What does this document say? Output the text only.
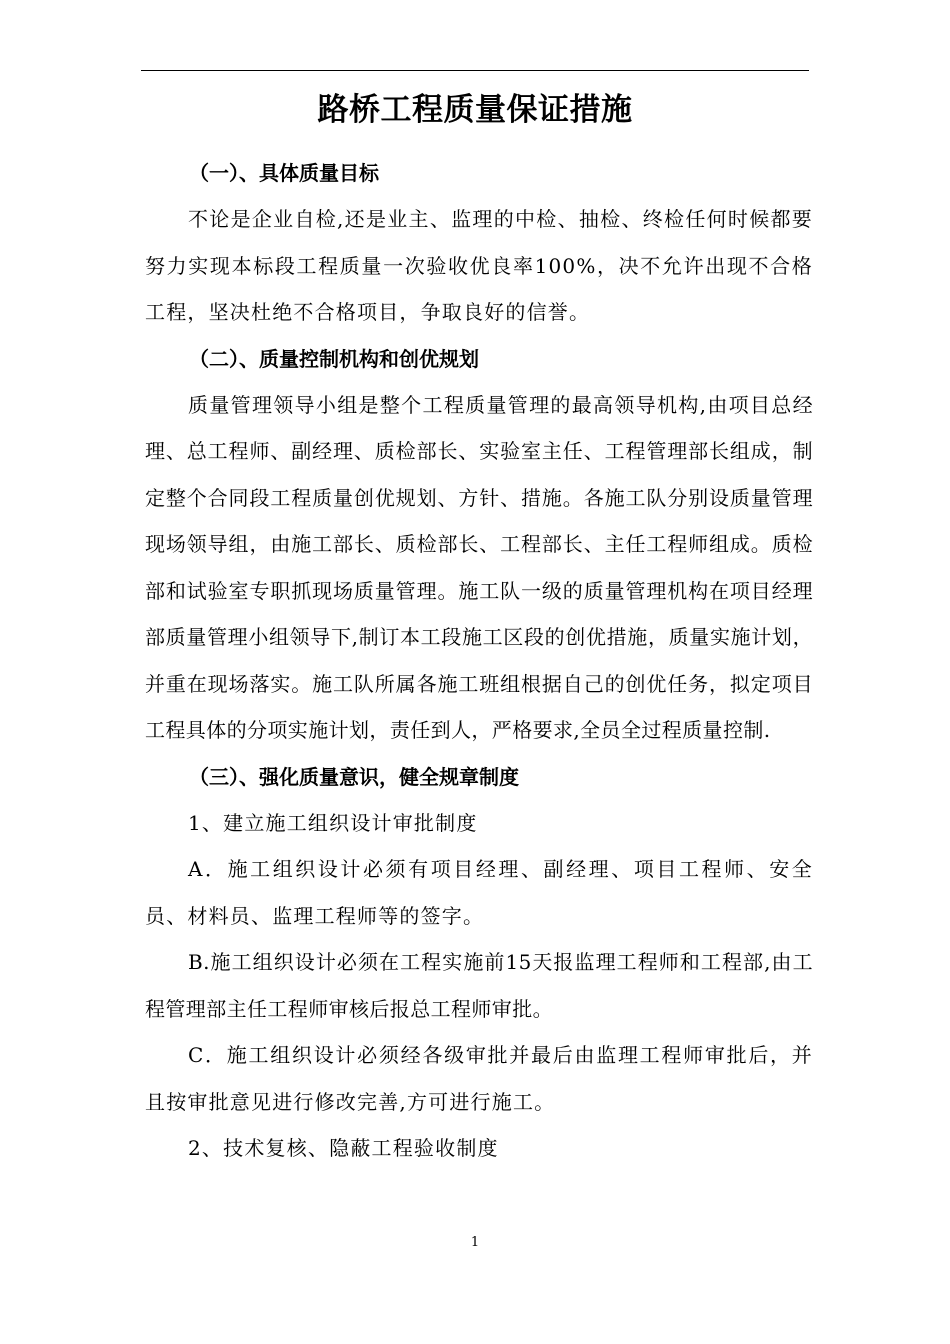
路桥工程质量保证措施
（一）、具体质量目标

不论是企业自检,还是业主、监理的中检、抽检、终检任何时候都要努力实现本标段工程质量一次验收优良率100%，决不允许出现不合格工程，坚决杜绝不合格项目，争取良好的信誉。

（二）、质量控制机构和创优规划

质量管理领导小组是整个工程质量管理的最高领导机构,由项目总经理、总工程师、副经理、质检部长、实验室主任、工程管理部长组成，制定整个合同段工程质量创优规划、方针、措施。各施工队分别设质量管理现场领导组，由施工部长、质检部长、工程部长、主任工程师组成。质检部和试验室专职抓现场质量管理。施工队一级的质量管理机构在项目经理部质量管理小组领导下,制订本工段施工区段的创优措施，质量实施计划，并重在现场落实。施工队所属各施工班组根据自己的创优任务，拟定项目工程具体的分项实施计划，责任到人，严格要求,全员全过程质量控制.

（三）、强化质量意识，健全规章制度

1、建立施工组织设计审批制度

A．施工组织设计必须有项目经理、副经理、项目工程师、安全员、材料员、监理工程师等的签字。

B.施工组织设计必须在工程实施前15天报监理工程师和工程部,由工程管理部主任工程师审核后报总工程师审批。

C．施工组织设计必须经各级审批并最后由监理工程师审批后，并且按审批意见进行修改完善,方可进行施工。

2、技术复核、隐蔽工程验收制度

1
